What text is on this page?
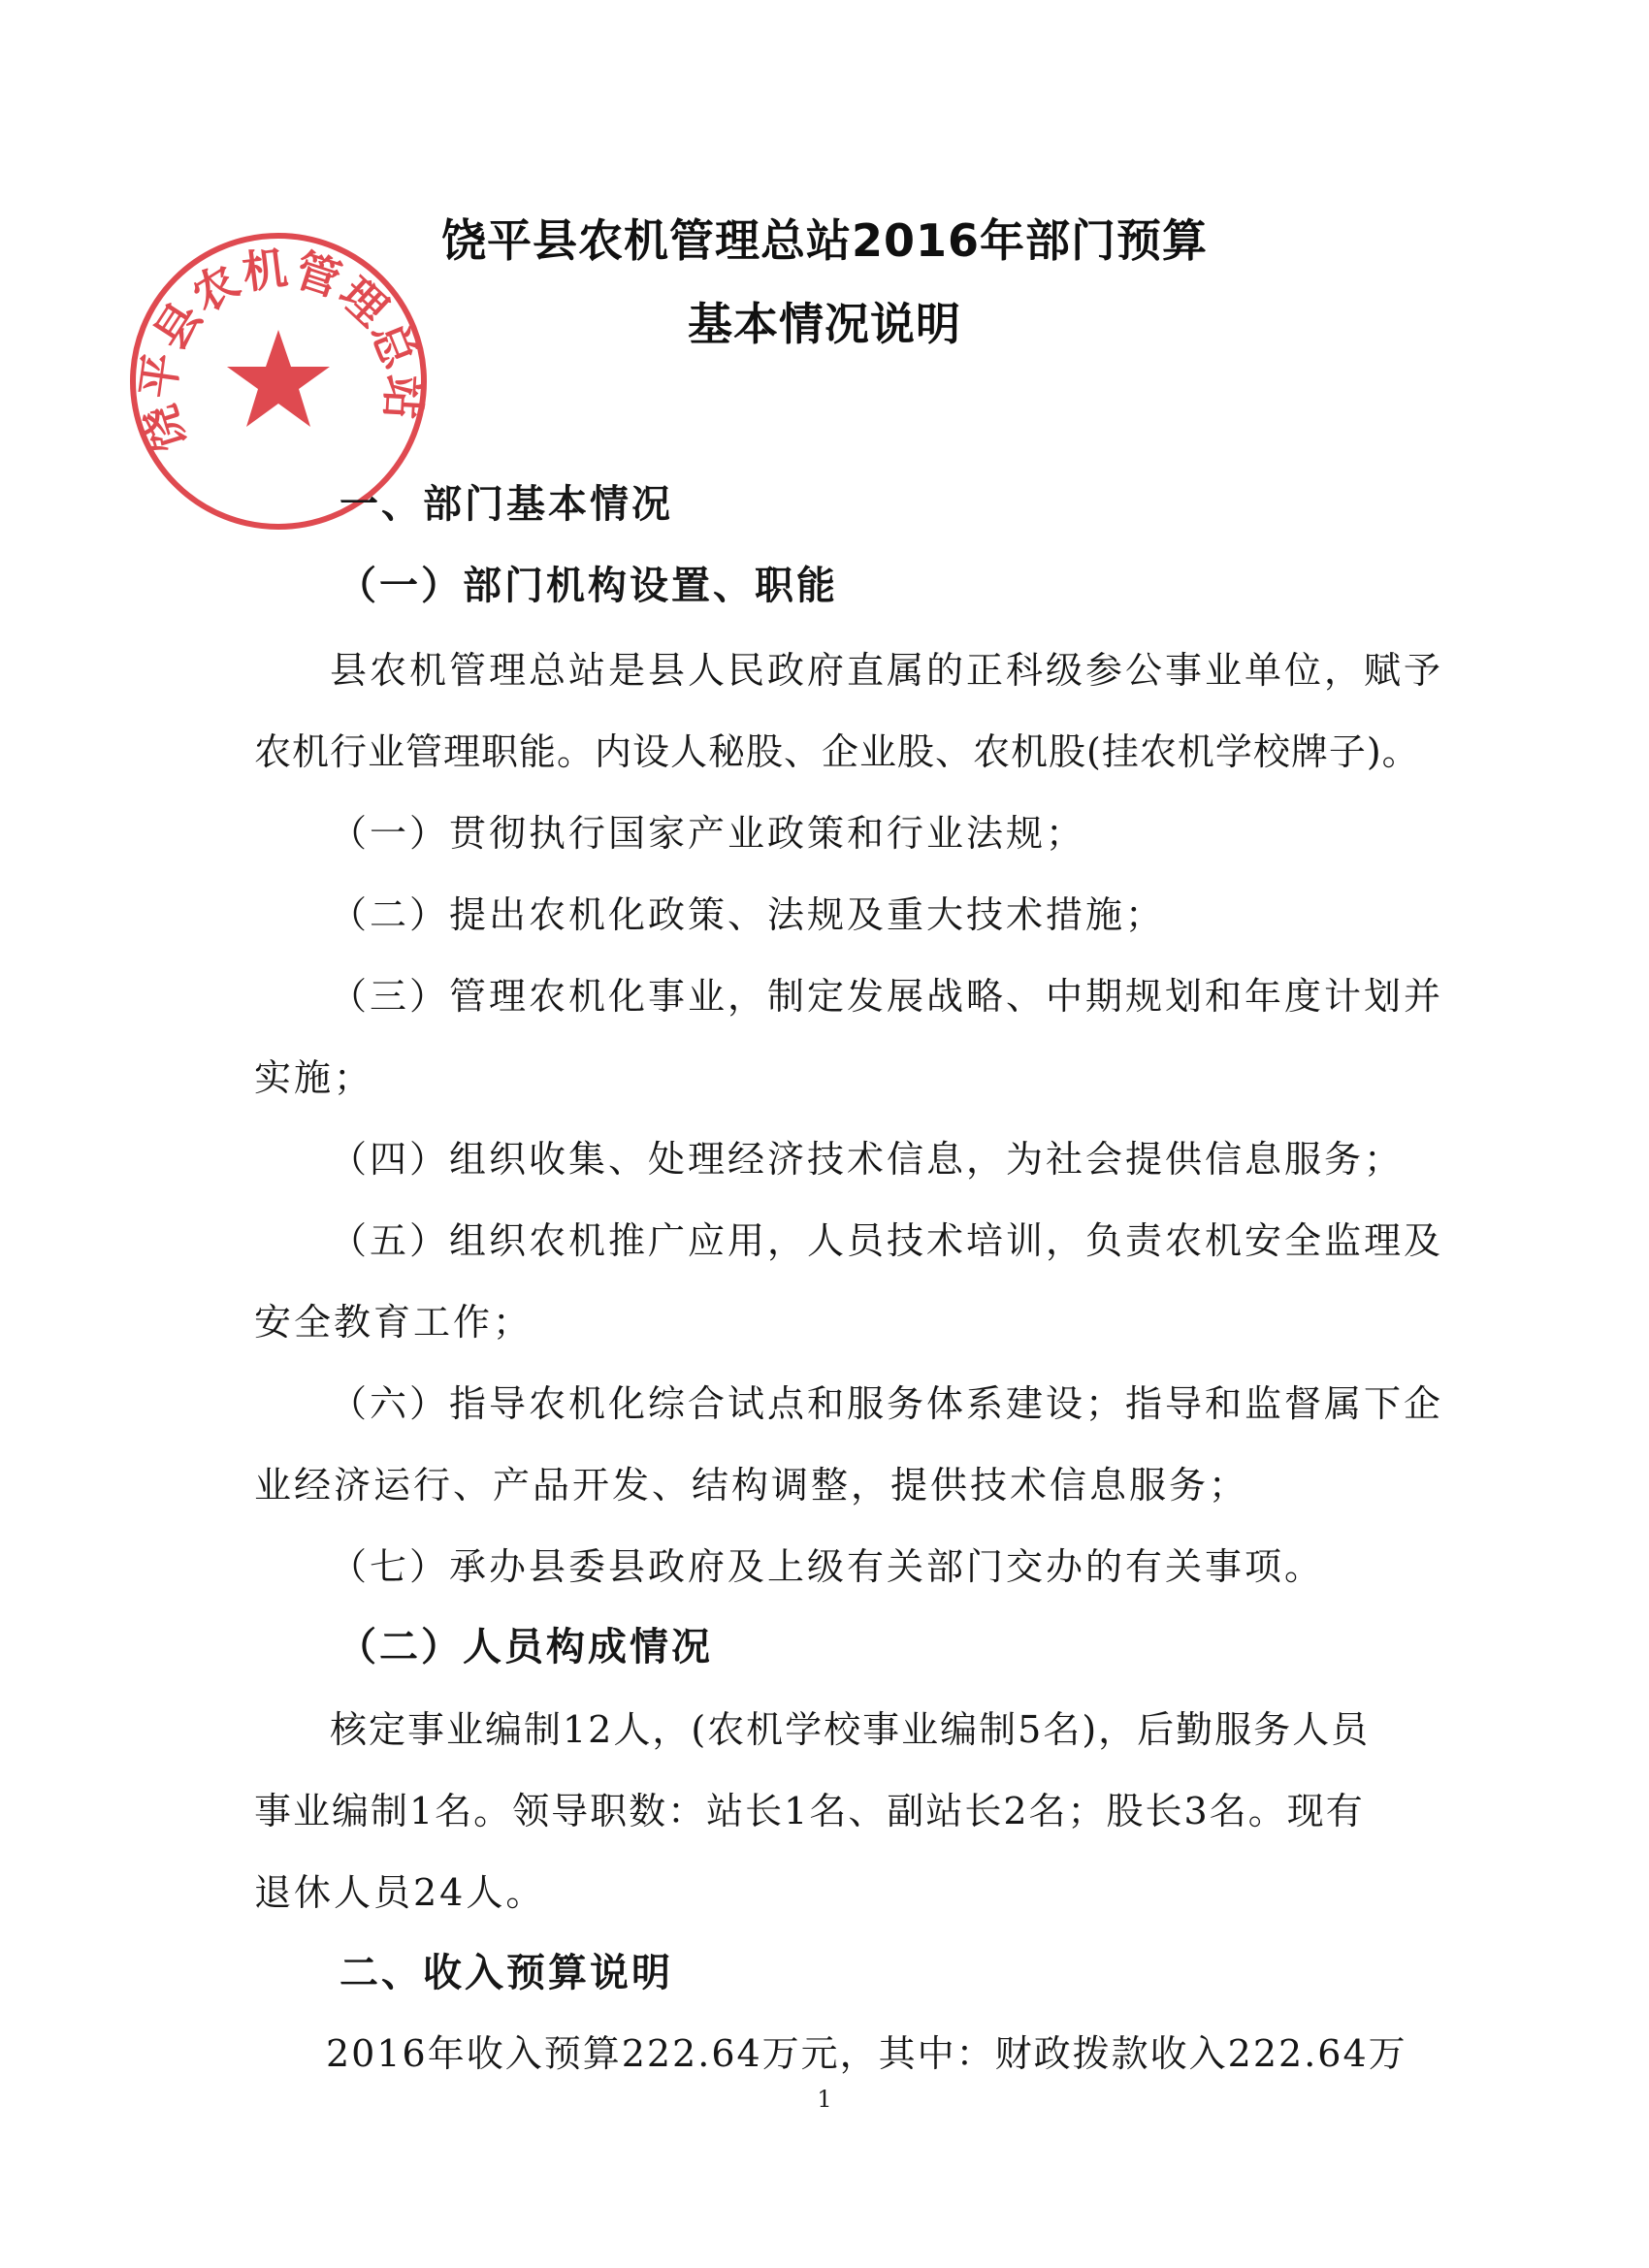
饶平县农机管理总站
饶平县农机管理总站2016年部门预算
基本情况说明
一、部门基本情况
（一）部门机构设置、职能
县农机管理总站是县人民政府直属的正科级参公事业单位，赋予
农机行业管理职能。内设人秘股、企业股、农机股(挂农机学校牌子)。
（一）贯彻执行国家产业政策和行业法规；
（二）提出农机化政策、法规及重大技术措施；
（三）管理农机化事业，制定发展战略、中期规划和年度计划并
实施；
（四）组织收集、处理经济技术信息，为社会提供信息服务；
（五）组织农机推广应用，人员技术培训，负责农机安全监理及
安全教育工作；
（六）指导农机化综合试点和服务体系建设；指导和监督属下企
业经济运行、产品开发、结构调整，提供技术信息服务；
（七）承办县委县政府及上级有关部门交办的有关事项。
（二）人员构成情况
核定事业编制12人，(农机学校事业编制5名)，后勤服务人员
事业编制1名。领导职数：站长1名、副站长2名；股长3名。现有
退休人员24人。
二、收入预算说明
2016年收入预算222.64万元，其中：财政拨款收入222.64万
1
